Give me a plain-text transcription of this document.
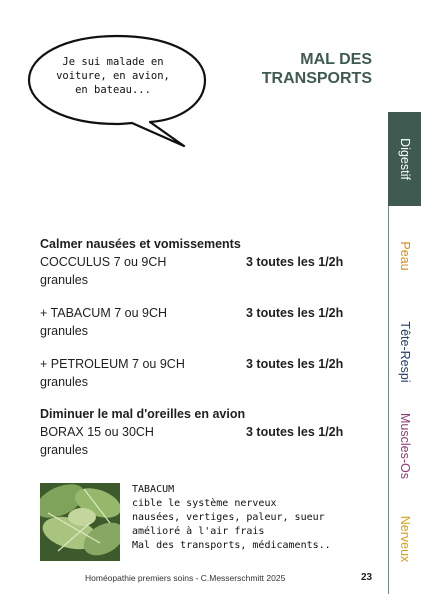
Je sui malade en
voiture, en avion,
en bateau...
MAL DES
TRANSPORTS
Digestif
Peau
Tête-Respi
Muscles-Os
Nerveux
Calmer nausées et vomissements
COCCULUS 7 ou 9CH	3 toutes les 1/2h
granules
+ TABACUM 7 ou 9CH	3 toutes les 1/2h
granules
+ PETROLEUM 7 ou 9CH	3 toutes les 1/2h
granules
Diminuer le mal d'oreilles en avion
BORAX 15 ou 30CH	3 toutes les 1/2h
granules
TABACUM
cible le système nerveux
nausées, vertiges, paleur, sueur
amélioré à l'air frais
Mal des transports, médicaments..
Homéopathie premiers soins - C.Messerschmitt 2025	23
